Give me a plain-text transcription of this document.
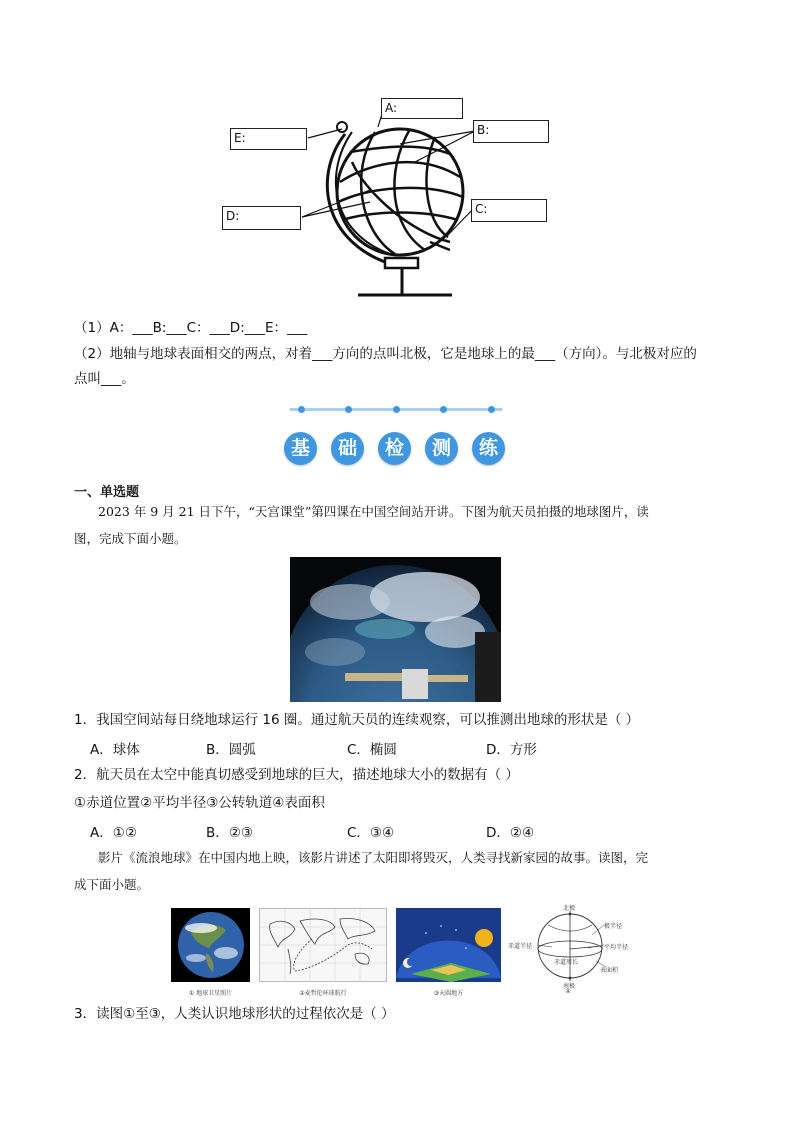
A:
B:
C:
D:
E:
（1）A：___B:___C：___D:___E：___
（2）地轴与地球表面相交的两点，对着___方向的点叫北极，它是地球上的最___（方向）。与北极对应的
点叫___。
基	础	检	测	练
一、单选题
2023 年 9 月 21 日下午，“天宫课堂”第四课在中国空间站开讲。下图为航天员拍摄的地球图片，读
图，完成下面小题。
1．我国空间站每日绕地球运行 16 圈。通过航天员的连续观察，可以推测出地球的形状是（ ）
A．球体	B．圆弧	C．椭圆	D．方形
2．航天员在太空中能真切感受到地球的巨大，描述地球大小的数据有（ ）
①赤道位置②平均半径③公转轨道④表面积
A．①②	B．②③	C．③④	D．②④
影片《流浪地球》在中国内地上映，该影片讲述了太阳即将毁灭，人类寻找新家园的故事。读图，完
成下面小题。
① 地球卫星照片	②麦哲伦环球航行	③天圆地方
北极
极半径
赤道半径	平均半径
赤道周长
表面积
南极
④
3．读图①至③，人类认识地球形状的过程依次是（ ）
